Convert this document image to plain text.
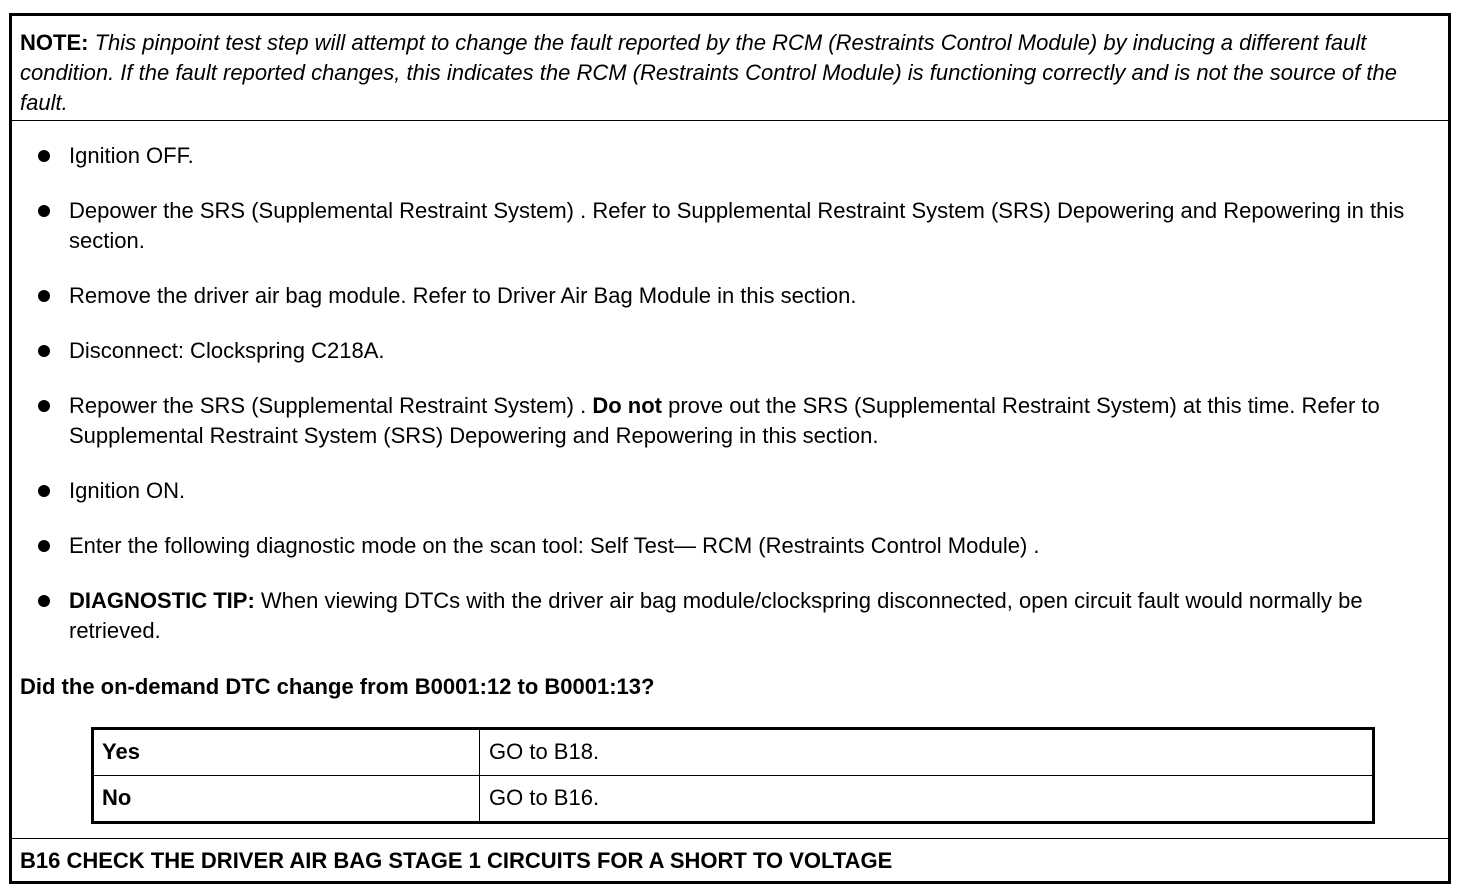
NOTE: This pinpoint test step will attempt to change the fault reported by the RCM (Restraints Control Module) by inducing a different fault condition. If the fault reported changes, this indicates the RCM (Restraints Control Module) is functioning correctly and is not the source of the fault.
Ignition OFF.
Depower the SRS (Supplemental Restraint System) . Refer to Supplemental Restraint System (SRS) Depowering and Repowering in this section.
Remove the driver air bag module. Refer to Driver Air Bag Module in this section.
Disconnect: Clockspring C218A.
Repower the SRS (Supplemental Restraint System) . Do not prove out the SRS (Supplemental Restraint System) at this time. Refer to Supplemental Restraint System (SRS) Depowering and Repowering in this section.
Ignition ON.
Enter the following diagnostic mode on the scan tool: Self Test— RCM (Restraints Control Module) .
DIAGNOSTIC TIP: When viewing DTCs with the driver air bag module/clockspring disconnected, open circuit fault would normally be retrieved.
Did the on-demand DTC change from B0001:12 to B0001:13?
Yes	GO to B18.
No	GO to B16.
B16 CHECK THE DRIVER AIR BAG STAGE 1 CIRCUITS FOR A SHORT TO VOLTAGE
